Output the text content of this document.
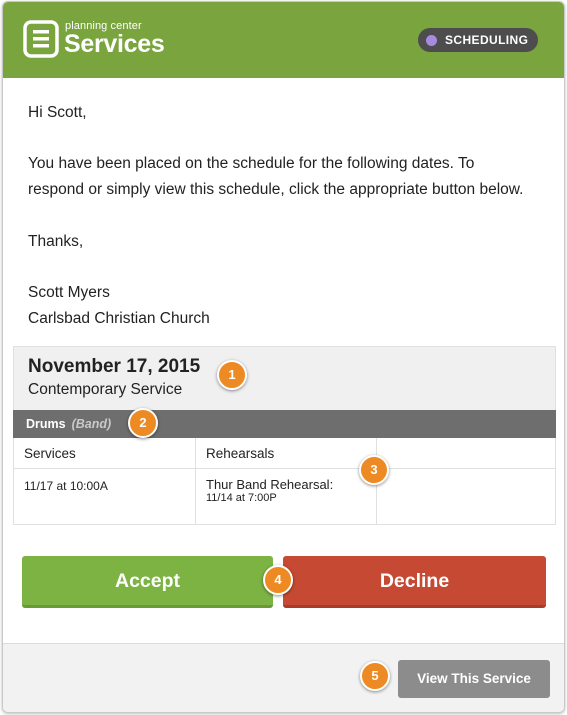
planning center
Services	SCHEDULING
Hi Scott,
You have been placed on the schedule for the following dates. To
respond or simply view this schedule, click the appropriate button below.
Thanks,
Scott Myers
Carlsbad Christian Church
November 17, 2015
Contemporary Service
Drums (Band)
Services
11/17 at 10:00A
Rehearsals
Thur Band Rehearsal:
11/14 at 7:00P
Accept	Decline
View This Service
1
2
3
4
5
